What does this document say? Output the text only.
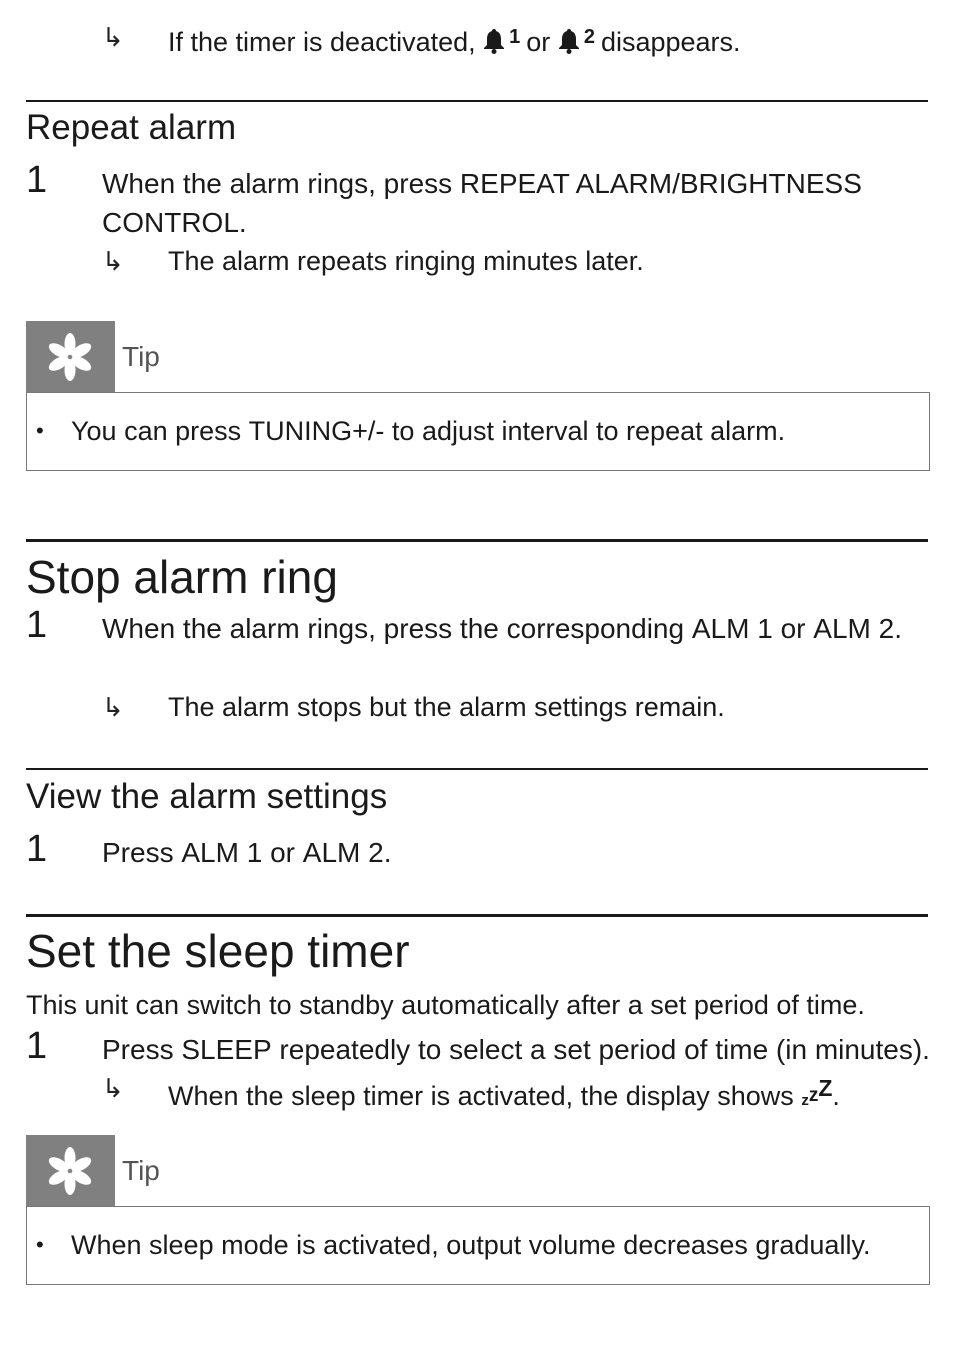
↳ If the timer is deactivated, $^1$ or $^2$ disappears.
Repeat alarm
1 When the alarm rings, press REPEAT ALARM/BRIGHTNESS CONTROL.
↳ The alarm repeats ringing minutes later.
Tip
• You can press TUNING+/- to adjust interval to repeat alarm.
Stop alarm ring
1 When the alarm rings, press the corresponding ALM 1 or ALM 2.
↳ The alarm stops but the alarm settings remain.
View the alarm settings
1 Press ALM 1 or ALM 2.
Set the sleep timer
This unit can switch to standby automatically after a set period of time.
1 Press SLEEP repeatedly to select a set period of time (in minutes).
↳ When the sleep timer is activated, the display shows zzZ.
Tip
• When sleep mode is activated, output volume decreases gradually.
